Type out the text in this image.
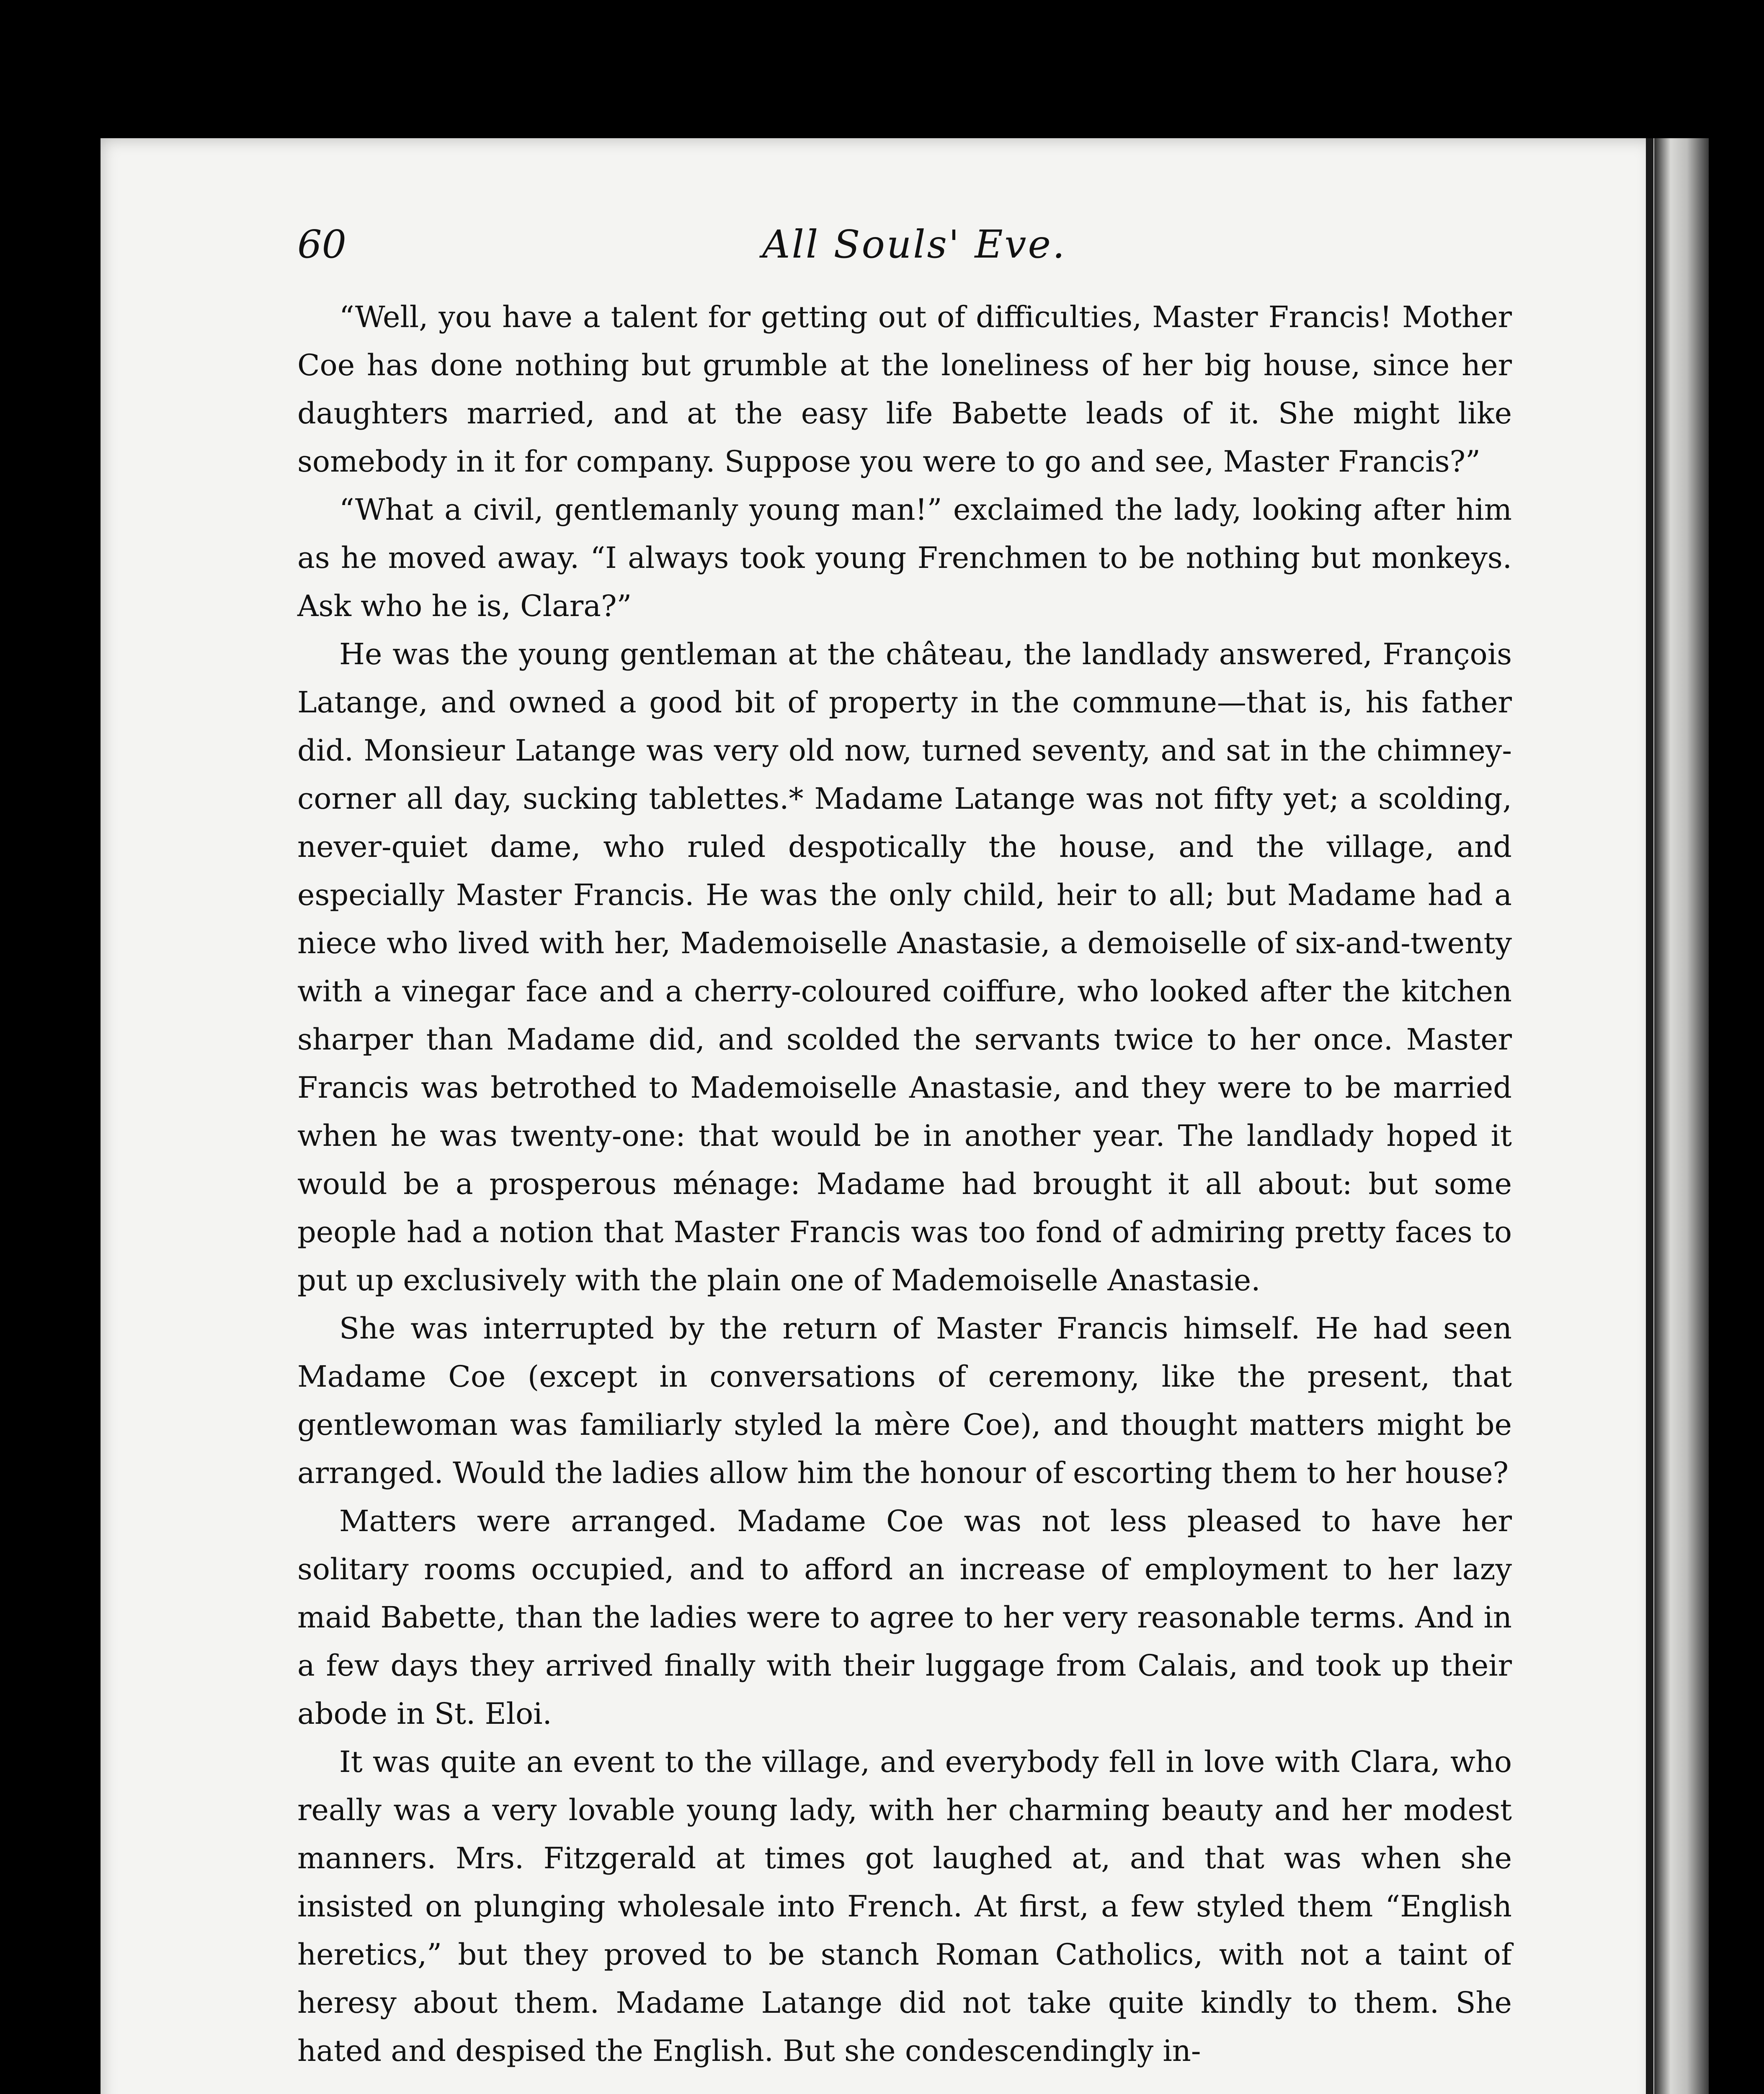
60	All Souls' Eve.

“Well, you have a talent for getting out of difficulties, Master Francis! Mother Coe has done nothing but grumble at the loneliness of her big house, since her daughters married, and at the easy life Babette leads of it. She might like somebody in it for company. Suppose you were to go and see, Master Francis?”

“What a civil, gentlemanly young man!” exclaimed the lady, looking after him as he moved away. “I always took young Frenchmen to be nothing but monkeys. Ask who he is, Clara?”

He was the young gentleman at the château, the landlady answered, François Latange, and owned a good bit of property in the commune—that is, his father did. Monsieur Latange was very old now, turned seventy, and sat in the chimney-corner all day, sucking tablettes.* Madame Latange was not fifty yet; a scolding, never-quiet dame, who ruled despotically the house, and the village, and especially Master Francis. He was the only child, heir to all; but Madame had a niece who lived with her, Mademoiselle Anastasie, a demoiselle of six-and-twenty with a vinegar face and a cherry-coloured coiffure, who looked after the kitchen sharper than Madame did, and scolded the servants twice to her once. Master Francis was betrothed to Mademoiselle Anastasie, and they were to be married when he was twenty-one: that would be in another year. The landlady hoped it would be a prosperous ménage: Madame had brought it all about: but some people had a notion that Master Francis was too fond of admiring pretty faces to put up exclusively with the plain one of Mademoiselle Anastasie.

She was interrupted by the return of Master Francis himself. He had seen Madame Coe (except in conversations of ceremony, like the present, that gentlewoman was familiarly styled la mère Coe), and thought matters might be arranged. Would the ladies allow him the honour of escorting them to her house?

Matters were arranged. Madame Coe was not less pleased to have her solitary rooms occupied, and to afford an increase of employment to her lazy maid Babette, than the ladies were to agree to her very reasonable terms. And in a few days they arrived finally with their luggage from Calais, and took up their abode in St. Eloi.

It was quite an event to the village, and everybody fell in love with Clara, who really was a very lovable young lady, with her charming beauty and her modest manners. Mrs. Fitzgerald at times got laughed at, and that was when she insisted on plunging wholesale into French. At first, a few styled them “English heretics,” but they proved to be stanch Roman Catholics, with not a taint of heresy about them. Madame Latange did not take quite kindly to them. She hated and despised the English. But she condescendingly in-
